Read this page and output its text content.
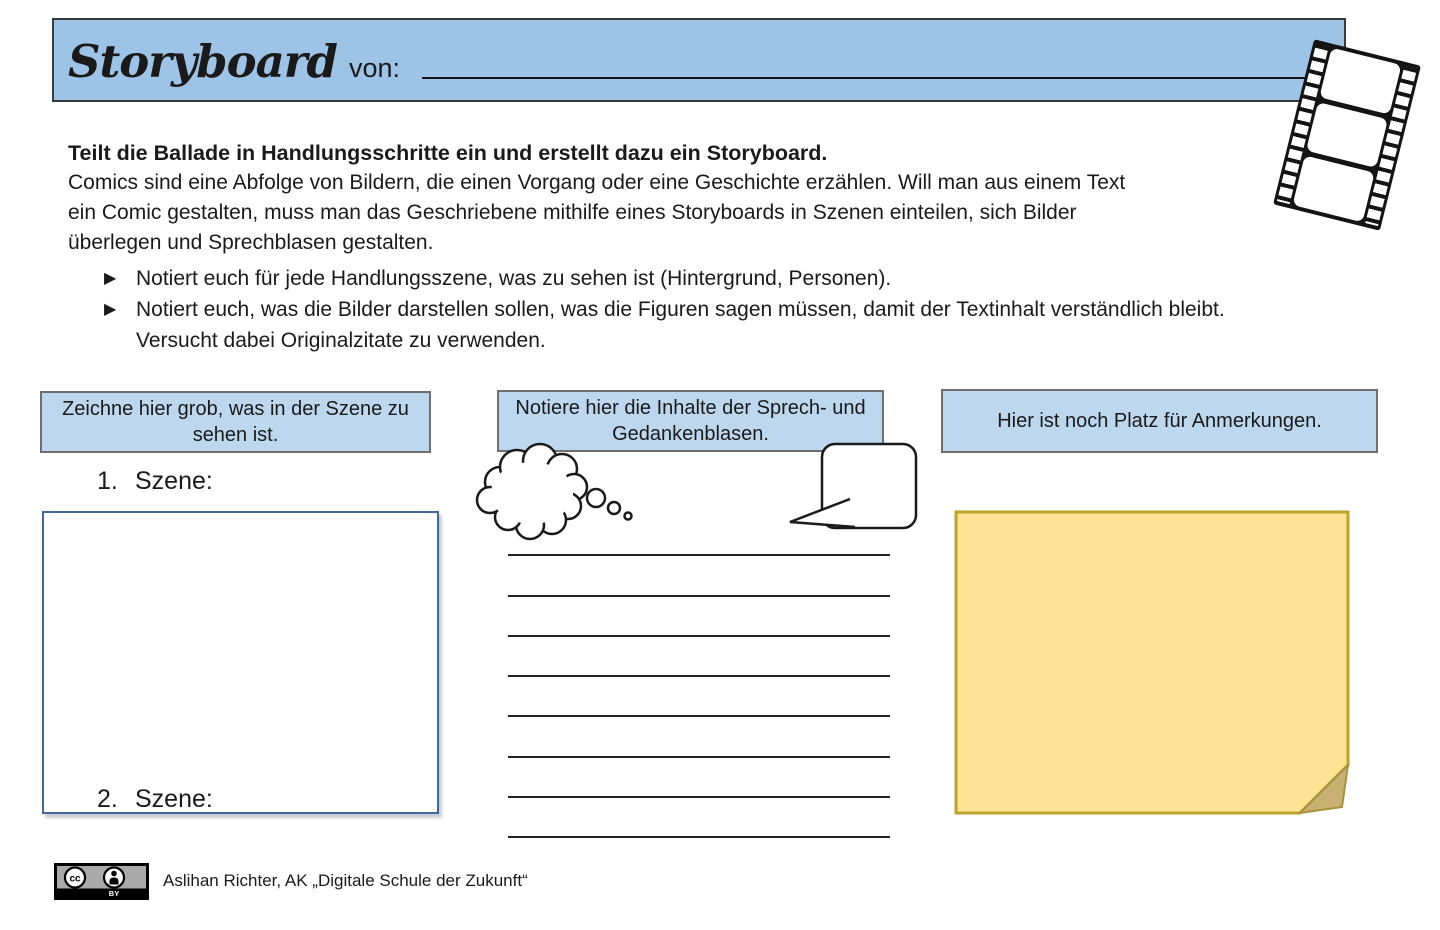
Storyboard von:
Teilt die Ballade in Handlungsschritte ein und erstellt dazu ein Storyboard.
Comics sind eine Abfolge von Bildern, die einen Vorgang oder eine Geschichte erzählen. Will man aus einem Text
ein Comic gestalten, muss man das Geschriebene mithilfe eines Storyboards in Szenen einteilen, sich Bilder
überlegen und Sprechblasen gestalten.
▶ Notiert euch für jede Handlungsszene, was zu sehen ist (Hintergrund, Personen).
▶ Notiert euch, was die Bilder darstellen sollen, was die Figuren sagen müssen, damit der Textinhalt verständlich bleibt.
Versucht dabei Originalzitate zu verwenden.
Zeichne hier grob, was in der Szene zu
sehen ist.
Notiere hier die Inhalte der Sprech- und
Gedankenblasen.
Hier ist noch Platz für Anmerkungen.
1. Szene:
2. Szene:
cc
BY
Aslihan Richter, AK „Digitale Schule der Zukunft“
